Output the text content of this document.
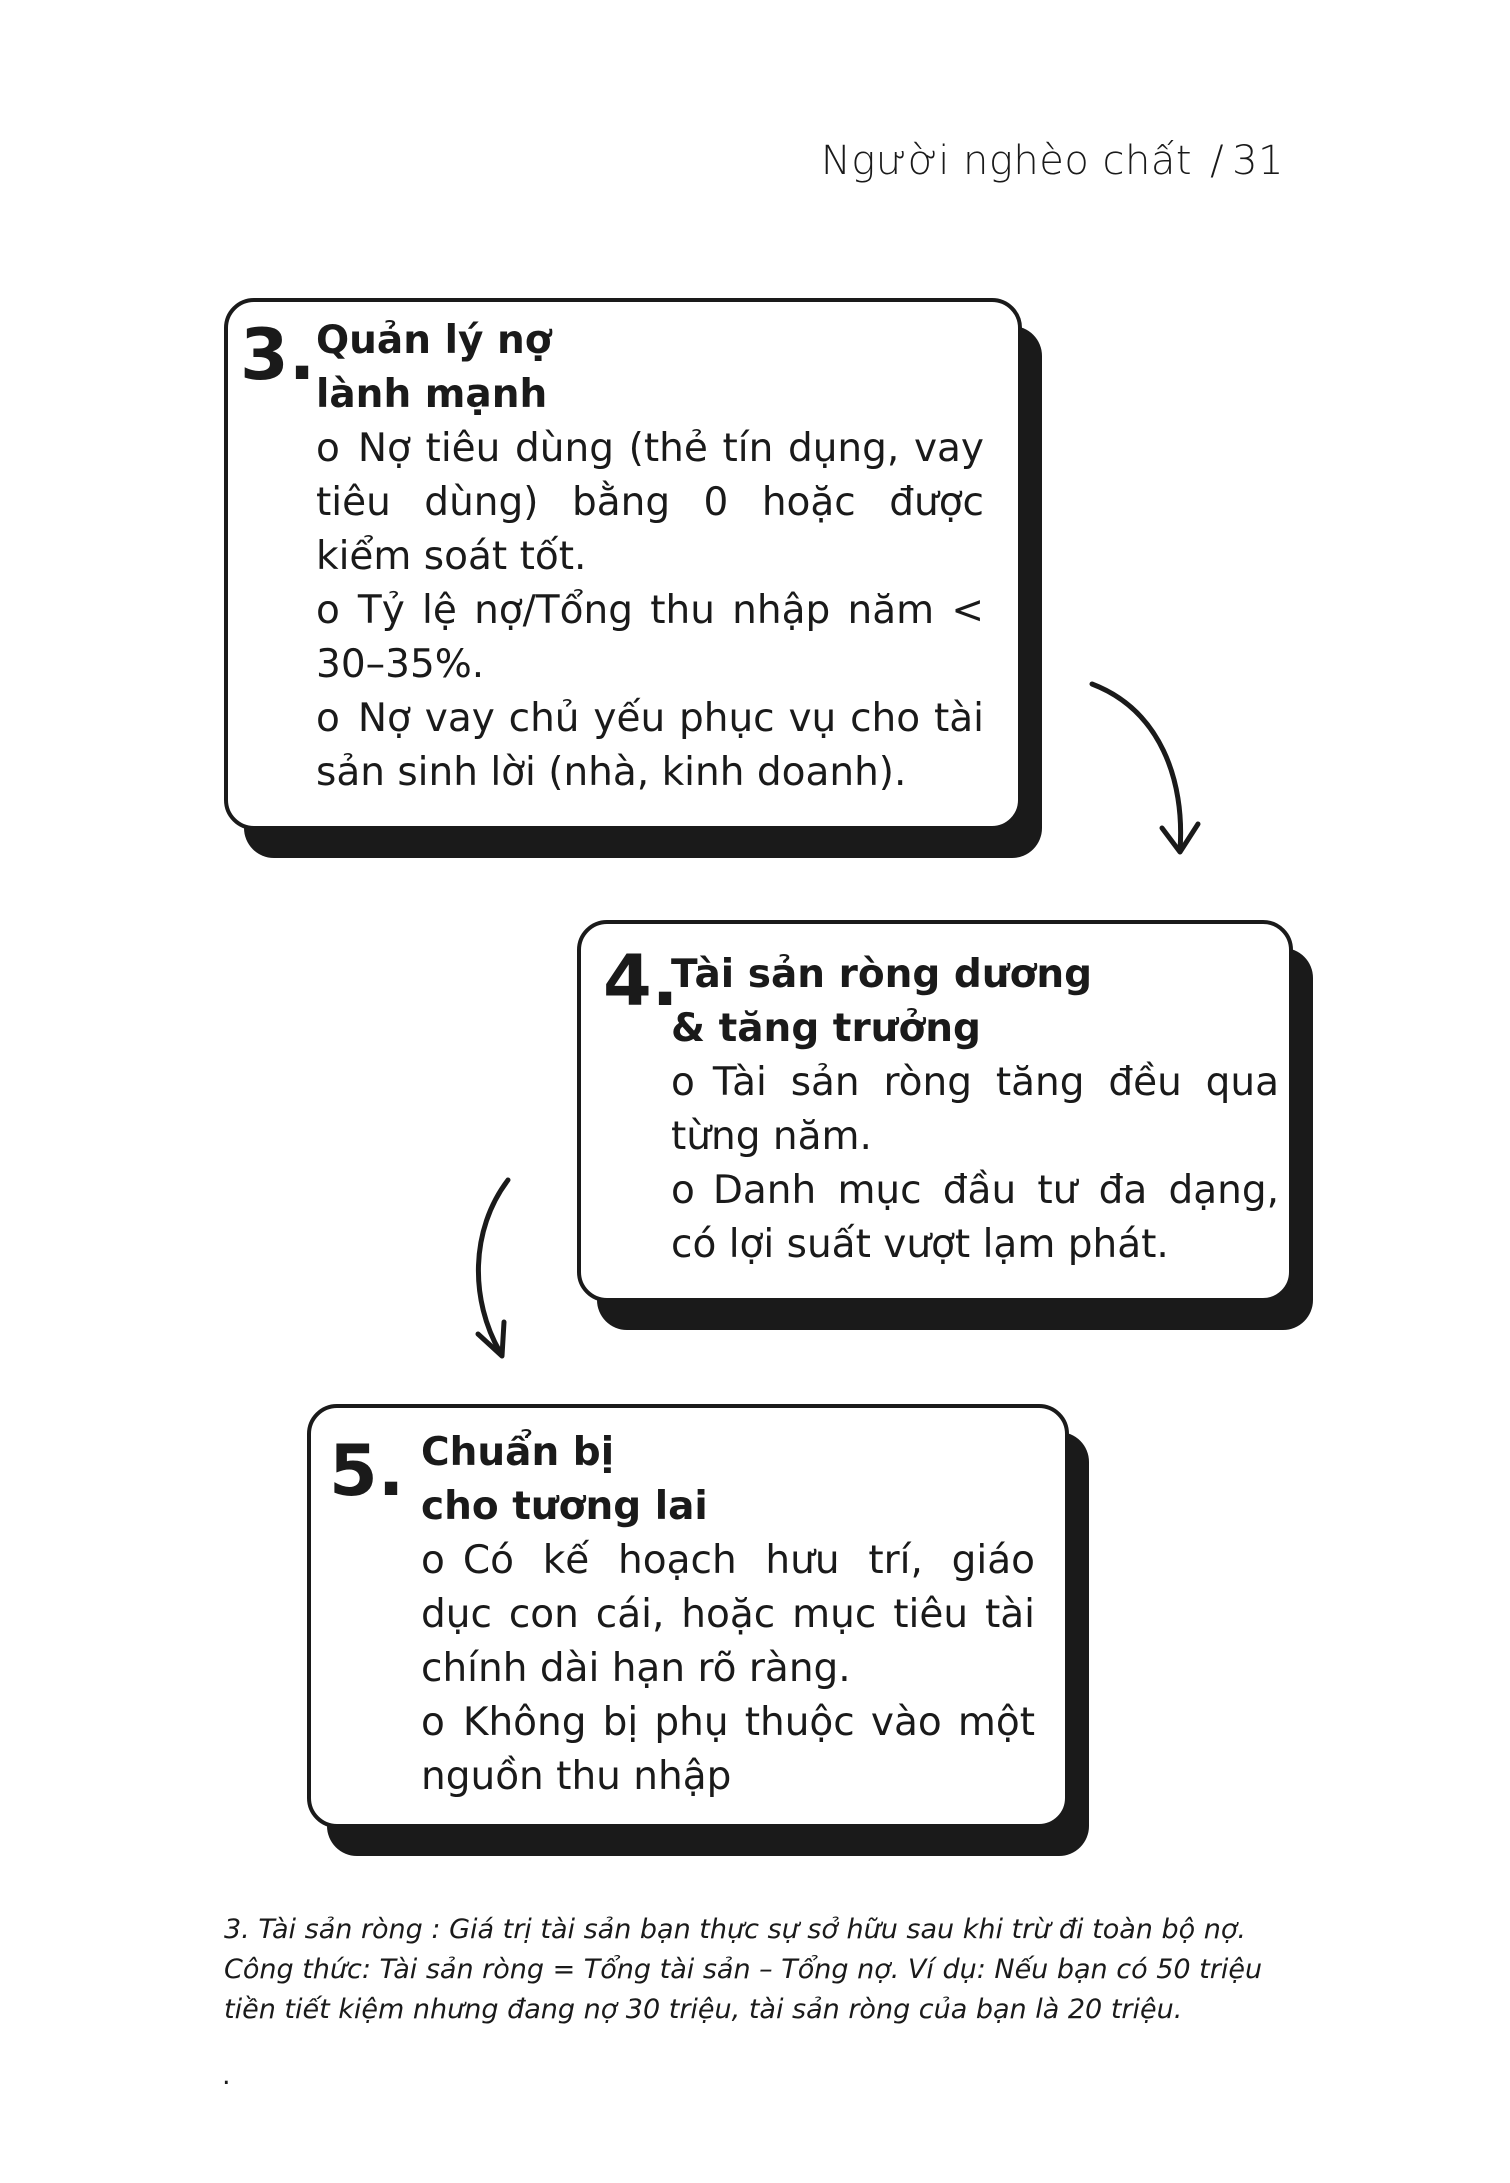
Người nghèo chất / 31
3. Quản lý nợ
lành mạnh
o Nợ tiêu dùng (thẻ tín dụng, vay tiêu dùng) bằng 0 hoặc được kiểm soát tốt.
o Tỷ lệ nợ/Tổng thu nhập năm < 30–35%.
o Nợ vay chủ yếu phục vụ cho tài sản sinh lời (nhà, kinh doanh).
4.
Tài sản ròng dương
& tăng trưởng
o Tài sản ròng tăng đều qua từng năm.
o Danh mục đầu tư đa dạng, có lợi suất vượt lạm phát.
5. Chuẩn bị
cho tương lai
o Có kế hoạch hưu trí, giáo dục con cái, hoặc mục tiêu tài chính dài hạn rõ ràng.
o Không bị phụ thuộc vào một nguồn thu nhập
3. Tài sản ròng : Giá trị tài sản bạn thực sự sở hữu sau khi trừ đi toàn bộ nợ. Công thức: Tài sản ròng = Tổng tài sản – Tổng nợ. Ví dụ: Nếu bạn có 50 triệu tiền tiết kiệm nhưng đang nợ 30 triệu, tài sản ròng của bạn là 20 triệu.
.
